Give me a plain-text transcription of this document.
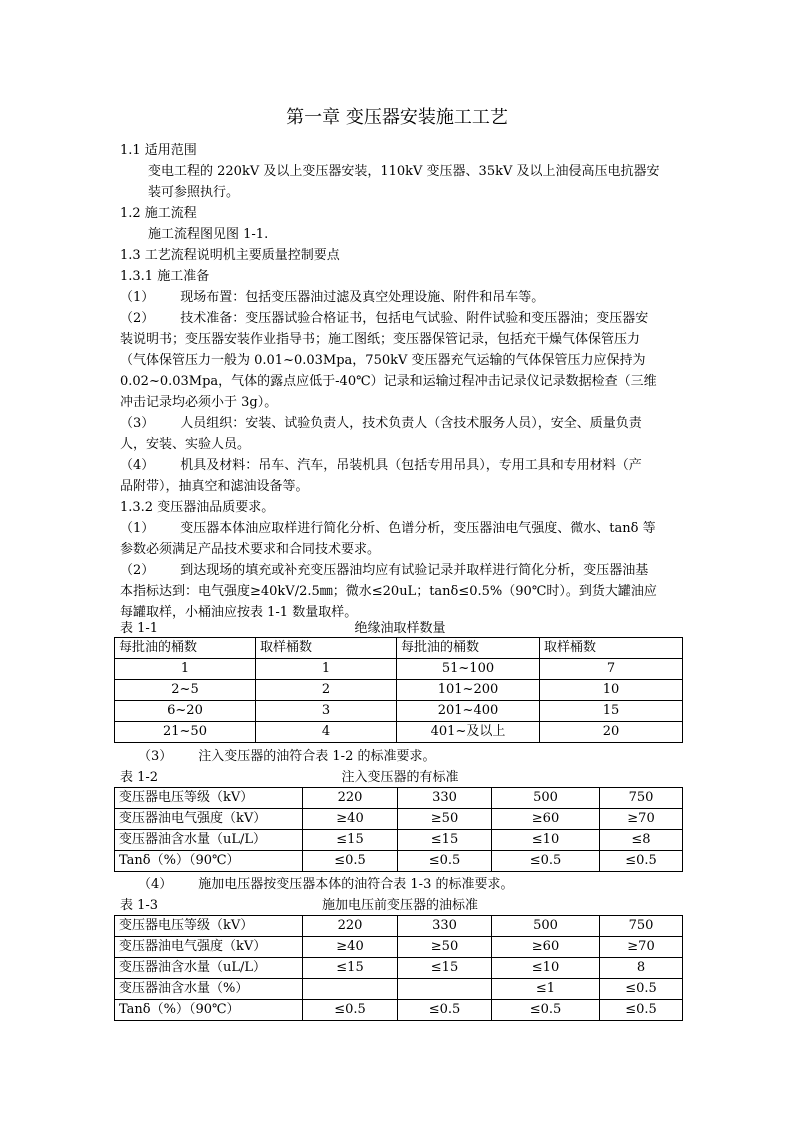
第一章 变压器安装施工工艺
1.1 适用范围
变电工程的 220kV 及以上变压器安装，110kV 变压器、35kV 及以上油侵高压电抗器安
装可参照执行。
1.2 施工流程
施工流程图见图 1-1.
1.3 工艺流程说明机主要质量控制要点
1.3.1 施工准备
（1） 现场布置：包括变压器油过滤及真空处理设施、附件和吊车等。
（2） 技术准备：变压器试验合格证书，包括电气试验、附件试验和变压器油；变压器安
装说明书；变压器安装作业指导书；施工图纸；变压器保管记录，包括充干燥气体保管压力
（气体保管压力一般为 0.01~0.03Mpa，750kV 变压器充气运输的气体保管压力应保持为
0.02~0.03Mpa，气体的露点应低于-40℃）记录和运输过程冲击记录仪记录数据检查（三维
冲击记录均必须小于 3g）。
（3） 人员组织：安装、试验负责人，技术负责人（含技术服务人员），安全、质量负责
人，安装、实验人员。
（4） 机具及材料：吊车、汽车，吊装机具（包括专用吊具），专用工具和专用材料（产
品附带），抽真空和滤油设备等。
1.3.2 变压器油品质要求。
（1） 变压器本体油应取样进行简化分析、色谱分析，变压器油电气强度、微水、tanδ 等
参数必须满足产品技术要求和合同技术要求。
（2） 到达现场的填充或补充变压器油均应有试验记录并取样进行简化分析，变压器油基
本指标达到：电气强度≥40kV/2.5㎜；微水≤20uL；tanδ≤0.5%（90℃时）。到货大罐油应
每罐取样，小桶油应按表 1-1 数量取样。
表 1-1	绝缘油取样数量
每批油的桶数	取样桶数	每批油的桶数	取样桶数
1	1	51~100	7
2~5	2	101~200	10
6~20	3	201~400	15
21~50	4	401~及以上	20
（3） 注入变压器的油符合表 1-2 的标准要求。
表 1-2	注入变压器的有标准
变压器电压等级（kV）	220	330	500	750
变压器油电气强度（kV）	≥40	≥50	≥60	≥70
变压器油含水量（uL/L）	≤15	≤15	≤10	≤8
Tanδ（%）（90℃）	≤0.5	≤0.5	≤0.5	≤0.5
（4） 施加电压器按变压器本体的油符合表 1-3 的标准要求。
表 1-3	施加电压前变压器的油标准
变压器电压等级（kV）	220	330	500	750
变压器油电气强度（kV）	≥40	≥50	≥60	≥70
变压器油含水量（uL/L）	≤15	≤15	≤10	8
变压器油含水量（%）			≤1	≤0.5
Tanδ（%）（90℃）	≤0.5	≤0.5	≤0.5	≤0.5
